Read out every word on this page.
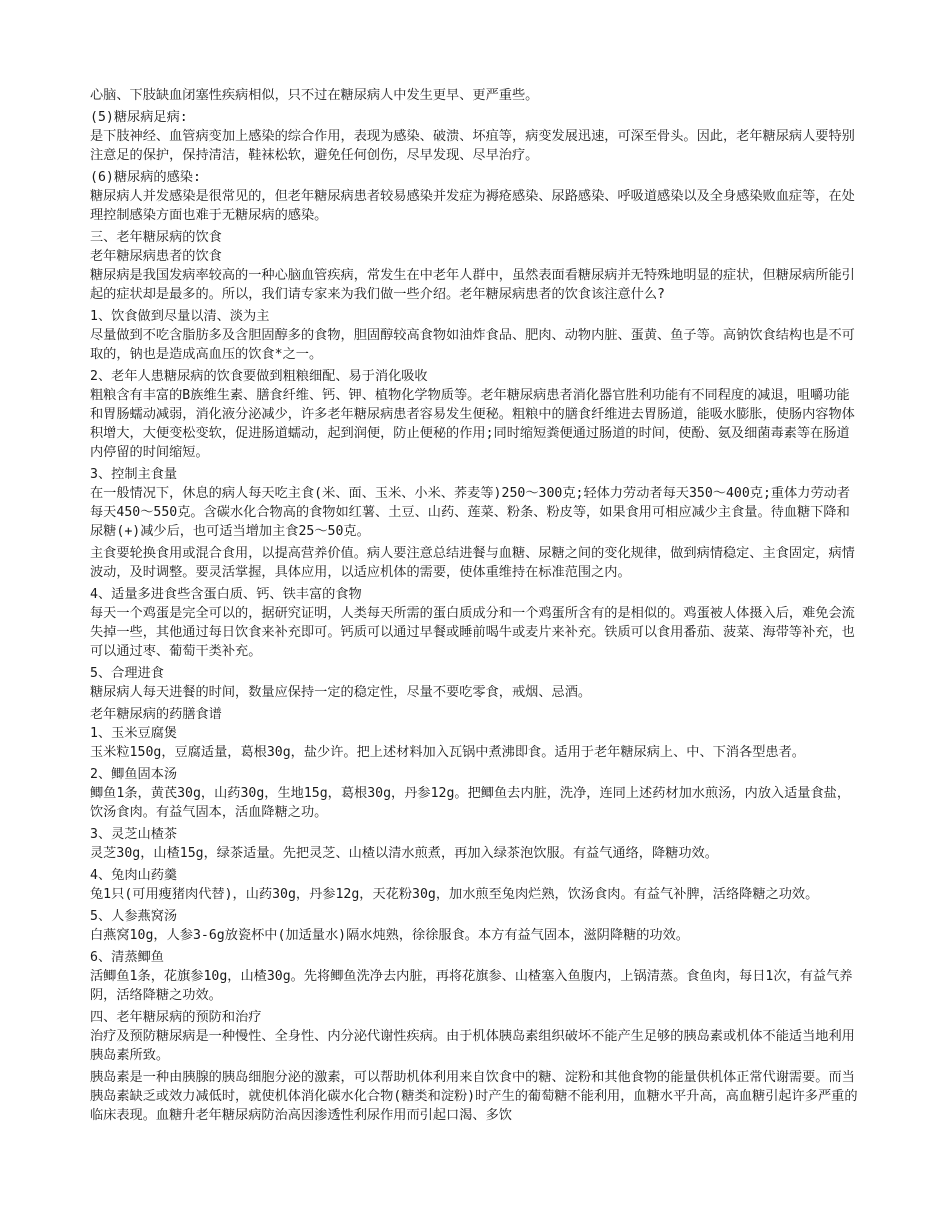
心脑、下肢缺血闭塞性疾病相似，只不过在糖尿病人中发生更早、更严重些。

(5)糖尿病足病:

是下肢神经、血管病变加上感染的综合作用，表现为感染、破溃、坏疽等，病变发展迅速，可深至骨头。因此，老年糖尿病人要特别注意足的保护，保持清洁，鞋袜松软，避免任何创伤，尽早发现、尽早治疗。

(6)糖尿病的感染:

糖尿病人并发感染是很常见的，但老年糖尿病患者较易感染并发症为褥疮感染、尿路感染、呼吸道感染以及全身感染败血症等，在处理控制感染方面也难于无糖尿病的感染。

三、老年糖尿病的饮食

老年糖尿病患者的饮食

糖尿病是我国发病率较高的一种心脑血管疾病，常发生在中老年人群中，虽然表面看糖尿病并无特殊地明显的症状，但糖尿病所能引起的症状却是最多的。所以，我们请专家来为我们做一些介绍。老年糖尿病患者的饮食该注意什么?

1、饮食做到尽量以清、淡为主

尽量做到不吃含脂肪多及含胆固醇多的食物，胆固醇较高食物如油炸食品、肥肉、动物内脏、蛋黄、鱼子等。高钠饮食结构也是不可取的，钠也是造成高血压的饮食*之一。

2、老年人患糖尿病的饮食要做到粗粮细配、易于消化吸收

粗粮含有丰富的B族维生素、膳食纤维、钙、钾、植物化学物质等。老年糖尿病患者消化器官胜利功能有不同程度的减退，咀嚼功能和胃肠蠕动减弱，消化液分泌减少，许多老年糖尿病患者容易发生便秘。粗粮中的膳食纤维进去胃肠道，能吸水膨胀，使肠内容物体积增大，大便变松变软，促进肠道蠕动，起到润便，防止便秘的作用;同时缩短粪便通过肠道的时间，使酚、氨及细菌毒素等在肠道内停留的时间缩短。

3、控制主食量

在一般情况下，休息的病人每天吃主食(米、面、玉米、小米、荞麦等)250～300克;轻体力劳动者每天350～400克;重体力劳动者每天450～550克。含碳水化合物高的食物如红薯、土豆、山药、莲菜、粉条、粉皮等，如果食用可相应减少主食量。待血糖下降和尿糖(+)减少后，也可适当增加主食25～50克。

主食要轮换食用或混合食用，以提高营养价值。病人要注意总结进餐与血糖、尿糖之间的变化规律，做到病情稳定、主食固定，病情波动，及时调整。要灵活掌握，具体应用，以适应机体的需要，使体重维持在标准范围之内。

4、适量多进食些含蛋白质、钙、铁丰富的食物

每天一个鸡蛋是完全可以的，据研究证明，人类每天所需的蛋白质成分和一个鸡蛋所含有的是相似的。鸡蛋被人体摄入后，难免会流失掉一些，其他通过每日饮食来补充即可。钙质可以通过早餐或睡前喝牛或麦片来补充。铁质可以食用番茄、菠菜、海带等补充，也可以通过枣、葡萄干类补充。

5、合理进食

糖尿病人每天进餐的时间，数量应保持一定的稳定性，尽量不要吃零食，戒烟、忌酒。

老年糖尿病的药膳食谱

1、玉米豆腐煲

玉米粒150g，豆腐适量，葛根30g，盐少许。把上述材料加入瓦锅中煮沸即食。适用于老年糖尿病上、中、下消各型患者。

2、鲫鱼固本汤

鲫鱼1条，黄芪30g，山药30g，生地15g，葛根30g，丹参12g。把鲫鱼去内脏，洗净，连同上述药材加水煎汤，内放入适量食盐，饮汤食肉。有益气固本，活血降糖之功。

3、灵芝山楂茶

灵芝30g，山楂15g，绿茶适量。先把灵芝、山楂以清水煎煮，再加入绿茶泡饮服。有益气通络，降糖功效。

4、兔肉山药羹

兔1只(可用瘦猪肉代替)，山药30g，丹参12g，天花粉30g，加水煎至兔肉烂熟，饮汤食肉。有益气补脾，活络降糖之功效。

5、人参燕窝汤

白燕窝10g，人参3-6g放瓷杯中(加适量水)隔水炖熟，徐徐服食。本方有益气固本，滋阴降糖的功效。

6、清蒸鲫鱼

活鲫鱼1条，花旗参10g，山楂30g。先将鲫鱼洗净去内脏，再将花旗参、山楂塞入鱼腹内，上锅清蒸。食鱼肉，每日1次，有益气养阴，活络降糖之功效。

四、老年糖尿病的预防和治疗

治疗及预防糖尿病是一种慢性、全身性、内分泌代谢性疾病。由于机体胰岛素组织破坏不能产生足够的胰岛素或机体不能适当地利用胰岛素所致。

胰岛素是一种由胰腺的胰岛细胞分泌的激素，可以帮助机体利用来自饮食中的糖、淀粉和其他食物的能量供机体正常代谢需要。而当胰岛素缺乏或效力减低时，就使机体消化碳水化合物(糖类和淀粉)时产生的葡萄糖不能利用，血糖水平升高，高血糖引起许多严重的临床表现。血糖升老年糖尿病防治高因渗透性利尿作用而引起口渴、多饮
